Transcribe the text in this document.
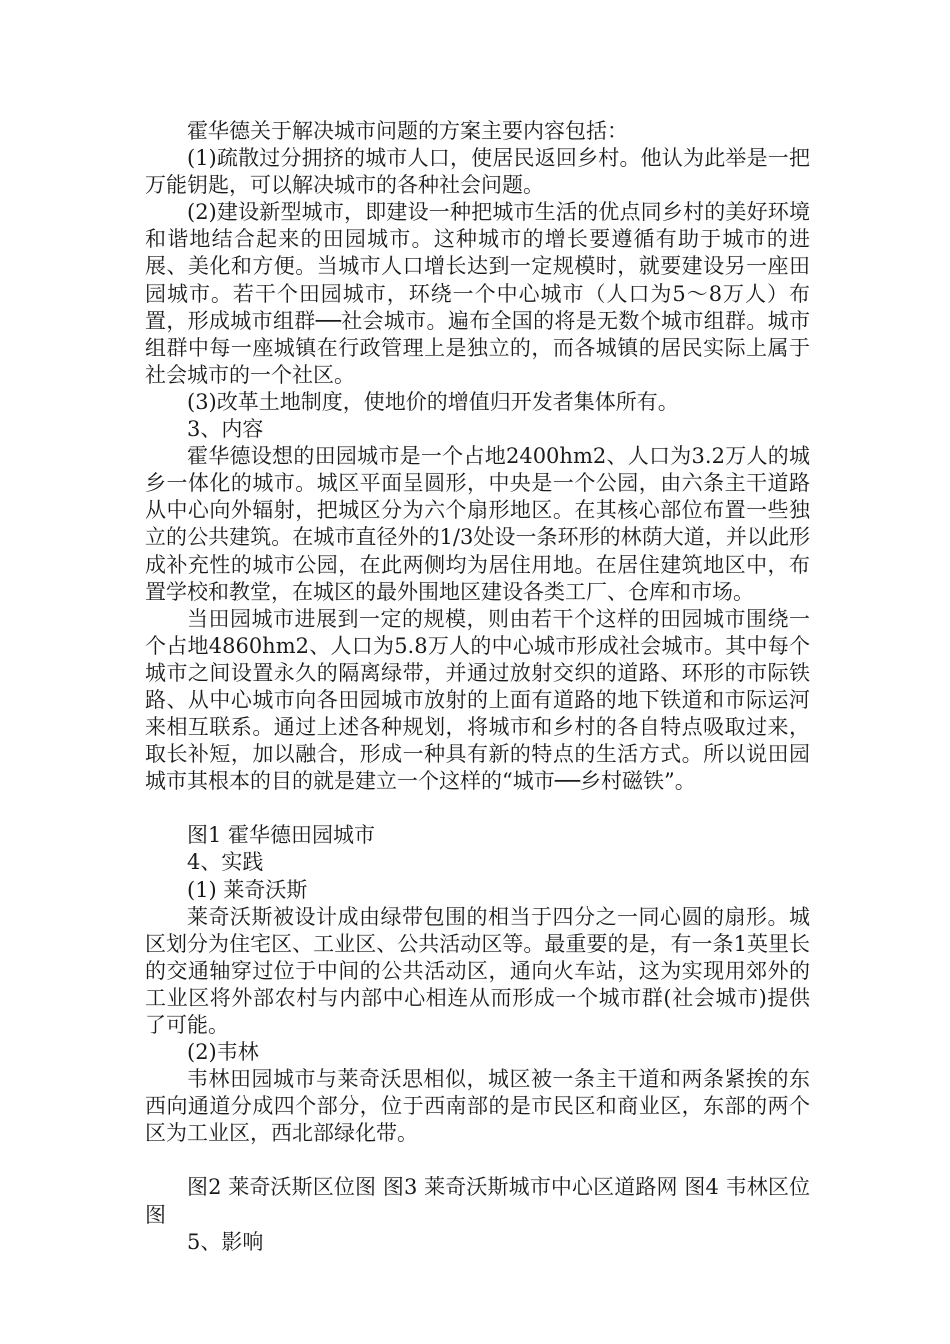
霍华德关于解决城市问题的方案主要内容包括：

(1)疏散过分拥挤的城市人口，使居民返回乡村。他认为此举是一把万能钥匙，可以解决城市的各种社会问题。

(2)建设新型城市，即建设一种把城市生活的优点同乡村的美好环境和谐地结合起来的田园城市。这种城市的增长要遵循有助于城市的进展、美化和方便。当城市人口增长达到一定规模时，就要建设另一座田园城市。若干个田园城市，环绕一个中心城市（人口为5～8万人）布置，形成城市组群──社会城市。遍布全国的将是无数个城市组群。城市组群中每一座城镇在行政管理上是独立的，而各城镇的居民实际上属于社会城市的一个社区。

(3)改革土地制度，使地价的增值归开发者集体所有。

3、内容

霍华德设想的田园城市是一个占地2400hm2、人口为3.2万人的城乡一体化的城市。城区平面呈圆形，中央是一个公园，由六条主干道路从中心向外辐射，把城区分为六个扇形地区。在其核心部位布置一些独立的公共建筑。在城市直径外的1/3处设一条环形的林荫大道，并以此形成补充性的城市公园，在此两侧均为居住用地。在居住建筑地区中，布置学校和教堂，在城区的最外围地区建设各类工厂、仓库和市场。

当田园城市进展到一定的规模，则由若干个这样的田园城市围绕一个占地4860hm2、人口为5.8万人的中心城市形成社会城市。其中每个城市之间设置永久的隔离绿带，并通过放射交织的道路、环形的市际铁路、从中心城市向各田园城市放射的上面有道路的地下铁道和市际运河来相互联系。通过上述各种规划，将城市和乡村的各自特点吸取过来，取长补短，加以融合，形成一种具有新的特点的生活方式。所以说田园城市其根本的目的就是建立一个这样的“城市──乡村磁铁”。

图1 霍华德田园城市

4、实践

(1) 莱奇沃斯

莱奇沃斯被设计成由绿带包围的相当于四分之一同心圆的扇形。城区划分为住宅区、工业区、公共活动区等。最重要的是，有一条1英里长的交通轴穿过位于中间的公共活动区，通向火车站，这为实现用郊外的工业区将外部农村与内部中心相连从而形成一个城市群(社会城市)提供了可能。

(2)韦林

韦林田园城市与莱奇沃思相似，城区被一条主干道和两条紧挨的东西向通道分成四个部分，位于西南部的是市民区和商业区，东部的两个区为工业区，西北部绿化带。

图2 莱奇沃斯区位图 图3 莱奇沃斯城市中心区道路网 图4 韦林区位图

5、影响
